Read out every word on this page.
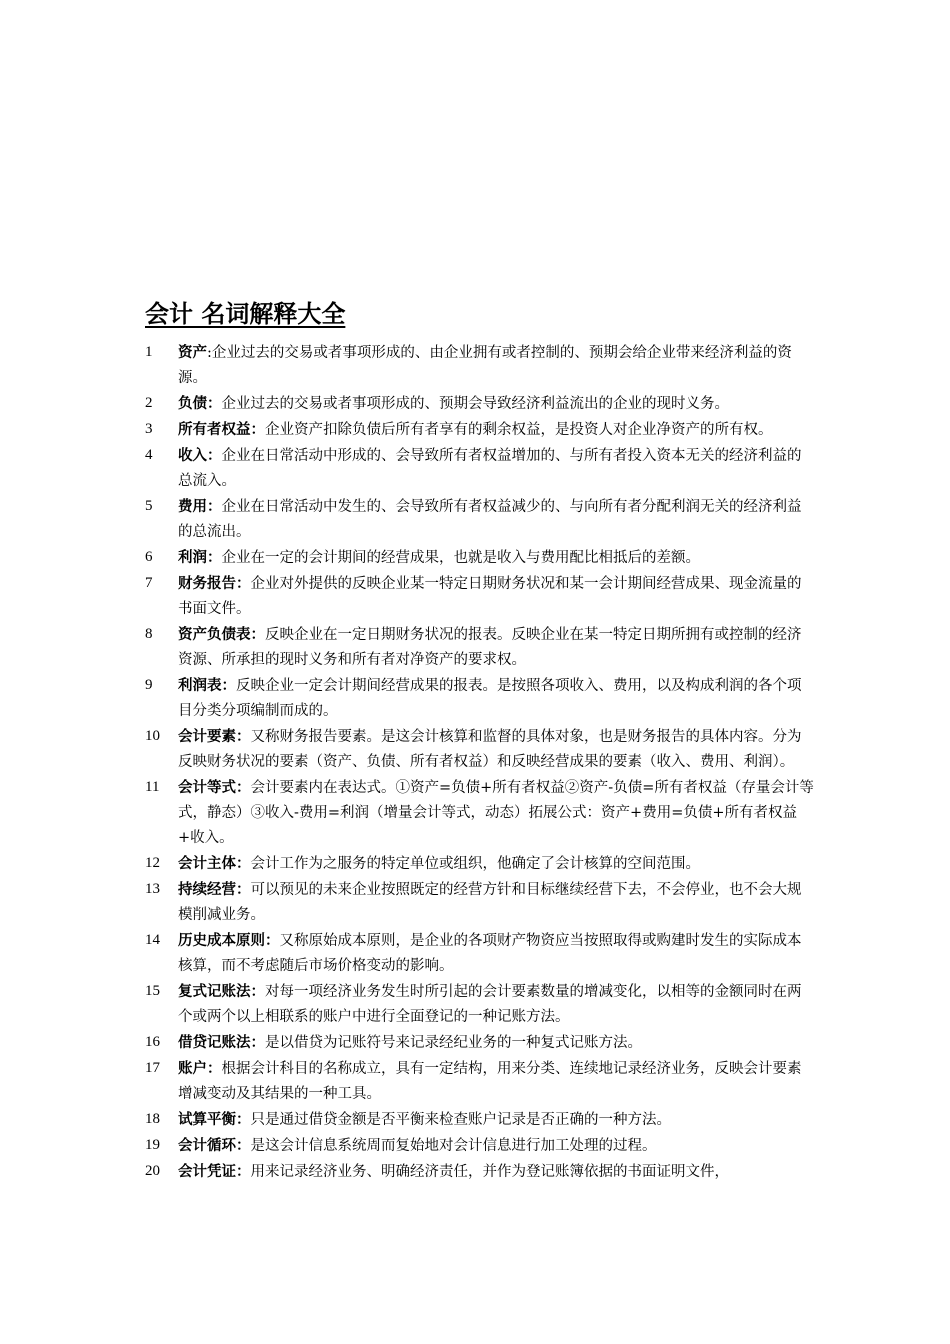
会计 名词解释大全
1	资产:企业过去的交易或者事项形成的、由企业拥有或者控制的、预期会给企业带来经济利益的资源。
2	负债：企业过去的交易或者事项形成的、预期会导致经济利益流出的企业的现时义务。
3	所有者权益：企业资产扣除负债后所有者享有的剩余权益，是投资人对企业净资产的所有权。
4	收入：企业在日常活动中形成的、会导致所有者权益增加的、与所有者投入资本无关的经济利益的总流入。
5	费用：企业在日常活动中发生的、会导致所有者权益减少的、与向所有者分配利润无关的经济利益的总流出。
6	利润：企业在一定的会计期间的经营成果，也就是收入与费用配比相抵后的差额。
7	财务报告：企业对外提供的反映企业某一特定日期财务状况和某一会计期间经营成果、现金流量的书面文件。
8	资产负债表：反映企业在一定日期财务状况的报表。反映企业在某一特定日期所拥有或控制的经济资源、所承担的现时义务和所有者对净资产的要求权。
9	利润表：反映企业一定会计期间经营成果的报表。是按照各项收入、费用，以及构成利润的各个项目分类分项编制而成的。
10	会计要素：又称财务报告要素。是这会计核算和监督的具体对象，也是财务报告的具体内容。分为反映财务状况的要素（资产、负债、所有者权益）和反映经营成果的要素（收入、费用、利润）。
11	会计等式：会计要素内在表达式。①资产=负债+所有者权益②资产-负债=所有者权益（存量会计等式，静态）③收入-费用=利润（增量会计等式，动态）拓展公式：资产+费用=负债+所有者权益+收入。
12	会计主体：会计工作为之服务的特定单位或组织，他确定了会计核算的空间范围。
13	持续经营：可以预见的未来企业按照既定的经营方针和目标继续经营下去，不会停业，也不会大规模削减业务。
14	历史成本原则：又称原始成本原则，是企业的各项财产物资应当按照取得或购建时发生的实际成本核算，而不考虑随后市场价格变动的影响。
15	复式记账法：对每一项经济业务发生时所引起的会计要素数量的增减变化，以相等的金额同时在两个或两个以上相联系的账户中进行全面登记的一种记账方法。
16	借贷记账法：是以借贷为记账符号来记录经纪业务的一种复式记账方法。
17	账户：根据会计科目的名称成立，具有一定结构，用来分类、连续地记录经济业务，反映会计要素增减变动及其结果的一种工具。
18	试算平衡：只是通过借贷金额是否平衡来检查账户记录是否正确的一种方法。
19	会计循环：是这会计信息系统周而复始地对会计信息进行加工处理的过程。
20	会计凭证：用来记录经济业务、明确经济责任，并作为登记账簿依据的书面证明文件，
